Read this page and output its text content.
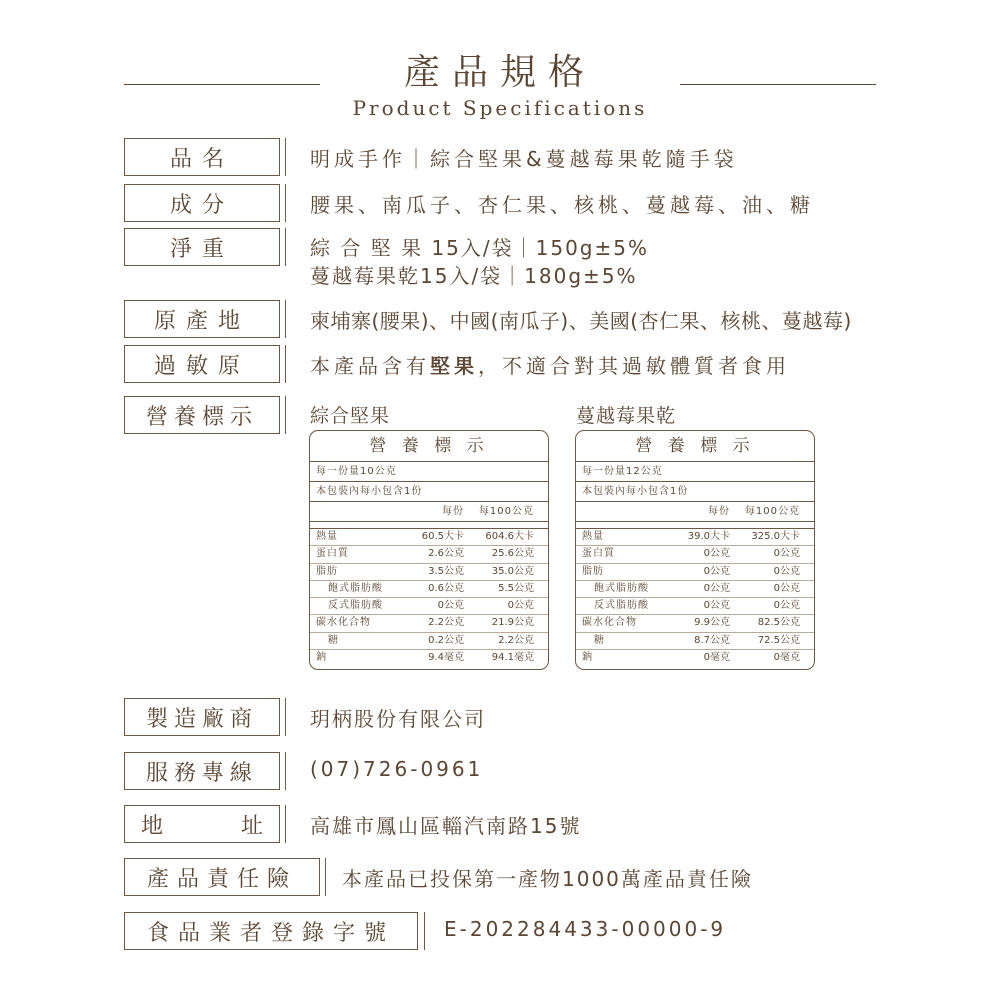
產品規格
Product Specifications
品名	明成手作｜綜合堅果&蔓越莓果乾隨手袋
成分	腰果、南瓜子、杏仁果、核桃、蔓越莓、油、糖
淨重	綜 合 堅 果 15入/袋｜150g±5%
蔓越莓果乾15入/袋｜180g±5%
原產地	柬埔寨(腰果)、中國(南瓜子)、美國(杏仁果、核桃、蔓越莓)
過敏原	本產品含有堅果，不適合對其過敏體質者食用
營養標示	綜合堅果	蔓越莓果乾
營 養 標 示
每一份量10公克
本包裝內每小包含1份
每份	每100公克
熱量	60.5大卡	604.6大卡
蛋白質	2.6公克	25.6公克
脂肪	3.5公克	35.0公克
飽式脂肪酸	0.6公克	5.5公克
反式脂肪酸	0公克	0公克
碳水化合物	2.2公克	21.9公克
糖	0.2公克	2.2公克
鈉	9.4毫克	94.1毫克
營 養 標 示
每一份量12公克
本包裝內每小包含1份
每份	每100公克
熱量	39.0大卡	325.0大卡
蛋白質	0公克	0公克
脂肪	0公克	0公克
飽式脂肪酸	0公克	0公克
反式脂肪酸	0公克	0公克
碳水化合物	9.9公克	82.5公克
糖	8.7公克	72.5公克
鈉	0毫克	0毫克
製造廠商	玥柄股份有限公司
服務專線	(07)726-0961
地	址 高雄市鳳山區輜汽南路15號
產品責任險	本產品已投保第一產物1000萬產品責任險
食品業者登錄字號	E-202284433-00000-9
